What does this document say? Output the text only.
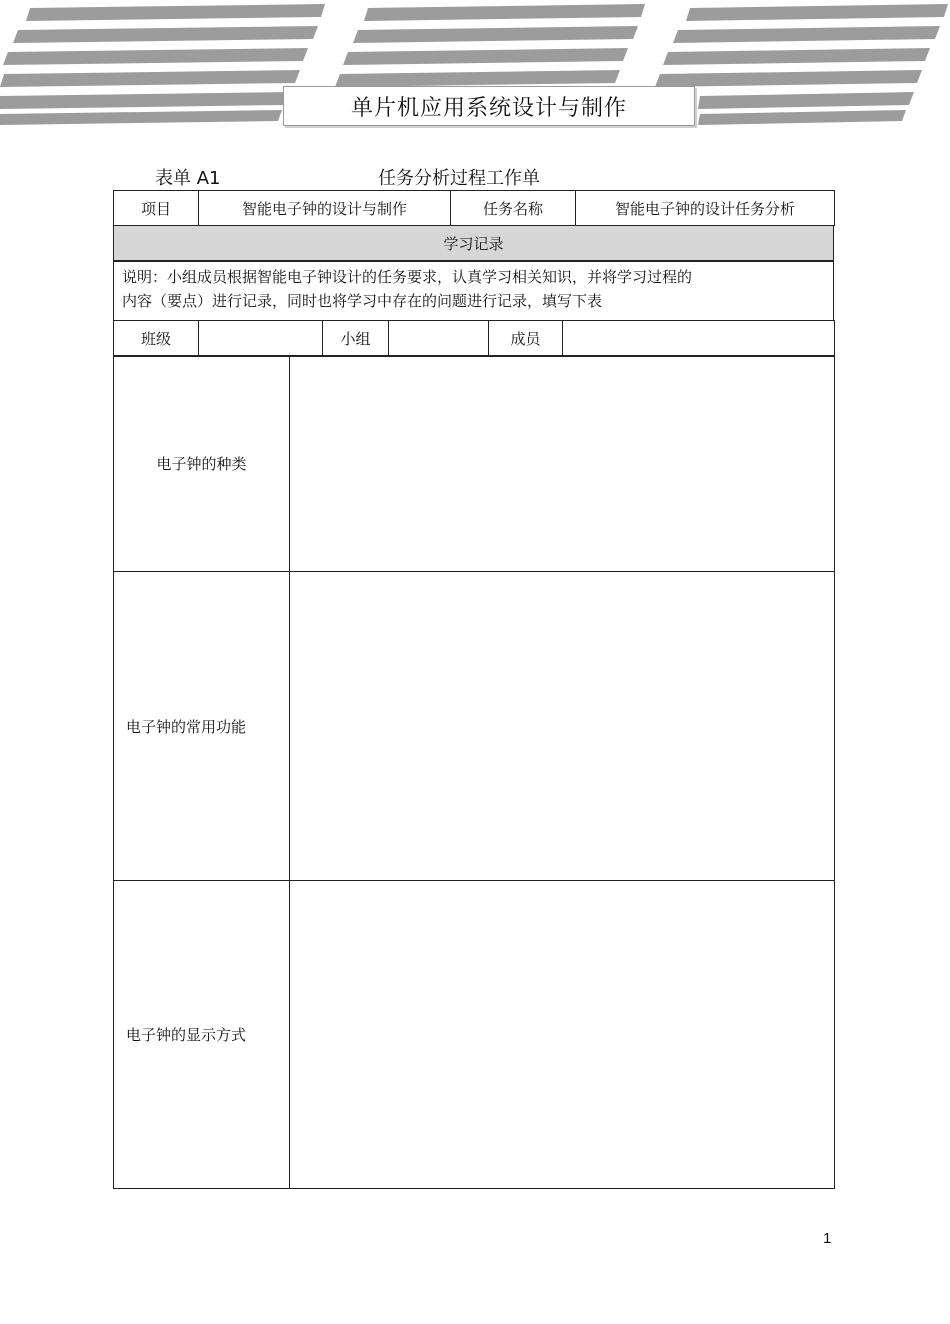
单片机应用系统设计与制作
表单 A1	任务分析过程工作单
项目	智能电子钟的设计与制作	任务名称	智能电子钟的设计任务分析
学习记录
说明：小组成员根据智能电子钟设计的任务要求，认真学习相关知识，并将学习过程的
内容（要点）进行记录，同时也将学习中存在的问题进行记录，填写下表
班级		小组		成员	
电子钟的种类	
电子钟的常用功能	
电子钟的显示方式	
1
